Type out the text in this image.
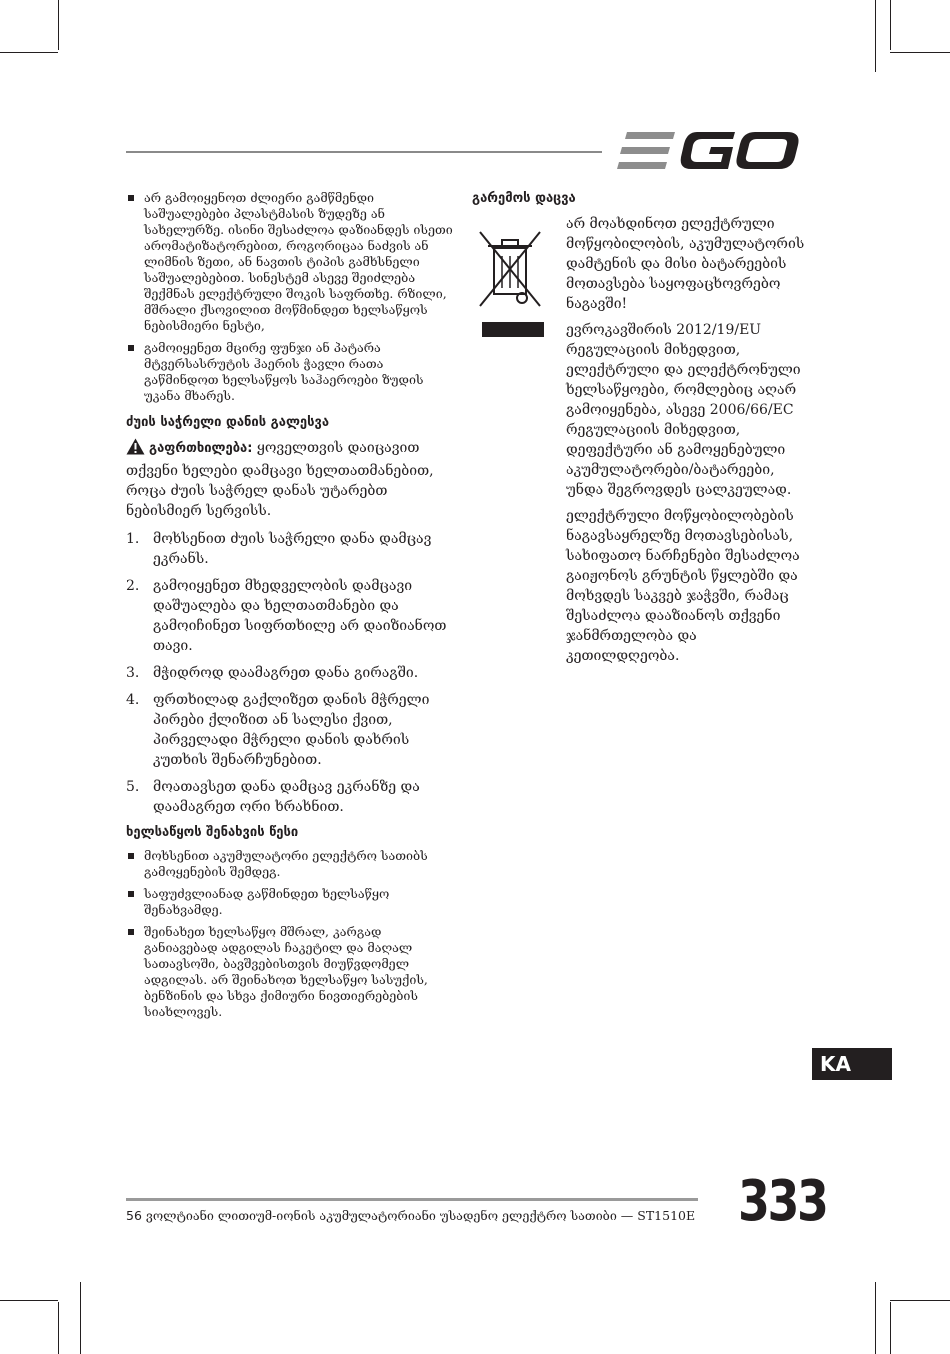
არ გამოიყენოთ ძლიერი გამწმენდი საშუალებები პლასტმასის ზუდეზე ან სახელურზე. ისინი შესაძლოა დაზიანდეს ისეთი არომატიზატორებით, როგორიცაა ნაძვის ან ლიმნის ზეთი, ან ნავთის ტიპის გამხსნელი საშუალებებით. სინესტემ ასევე შეიძლება შექმნას ელექტრული შოკის საფრთხე. რზილი, მშრალი ქსოვილით მოწმინდეთ ხელსაწყოს ნებისმიერი ნესტი,
გამოიყენეთ მცირე ფუნჯი ან პატარა მტვერსასრუტის ჰაერის ჭავლი რათა გაწმინდოთ ხელსაწყოს საჰაეროები ზუდის უკანა მხარეს.
ძუის საჭრელი დანის გალესვა
გაფრთხილება: ყოველთვის დაიცავით თქვენი ხელები დამცავი ხელთათმანებით, როცა ძუის საჭრელ დანას უტარებთ ნებისმიერ სერვისს.
1. მოხსენით ძუის საჭრელი დანა დამცავ ეკრანს.
2. გამოიყენეთ მხედველობის დამცავი დაშუალება და ხელთათმანები და გამოიჩინეთ სიფრთხილე არ დაიზიანოთ თავი.
3. მჭიდროდ დაამაგრეთ დანა გირაგში.
4. ფრთხილად გაქლიზეთ დანის მჭრელი პირები ქლიზით ან სალესი ქვით, პირველადი მჭრელი დანის დახრის კუთხის შენარჩუნებით.
5. მოათავსეთ დანა დამცავ ეკრანზე და დაამაგრეთ ორი ხრახნით.
ხელსაწყოს შენახვის წესი
მოხსენით აკუმულატორი ელექტრო სათიბს გამოყენების შემდეგ.
საფუძვლიანად გაწმინდეთ ხელსაწყო შენახვამდე.
შეინახეთ ხელსაწყო მშრალ, კარგად განიავებად ადგილას ჩაკეტილ და მაღალ სათავსოში, ბავშვებისთვის მიუწვდომელ ადგილას. არ შეინახოთ ხელსაწყო სასუქის, ბენზინის და სხვა ქიმიური ნივთიერებების სიახლოვეს.
გარემოს დაცვა

არ მოახდინოთ ელექტრული მოწყობილობის, აკუმულატორის დამტენის და მისი ბატარეების მოთავსება საყოფაცხოვრებო ნაგავში!

ევროკავშირის 2012/19/EU რეგულაციის მიხედვით, ელექტრული და ელექტრონული ხელსაწყოები, რომლებიც აღარ გამოიყენება, ასევე 2006/66/EC რეგულაციის მიხედვით, დეფექტური ან გამოყენებული აკუმულატორები/ბატარეები, უნდა შეგროვდეს ცალკეულად.

ელექტრული მოწყობილობების ნაგავსაყრელზე მოთავსებისას, სახიფათო ნარჩენები შესაძლოა გაიჟონოს გრუნტის წყლებში და მოხვდეს საკვებ ჯაჭვში, რამაც შესაძლოა დააზიანოს თქვენი ჯანმრთელობა და კეთილდღეობა.

KA
56 ვოლტიანი ლითიუმ-იონის აკუმულატორიანი უსადენო ელექტრო სათიბი — ST1510E 333
